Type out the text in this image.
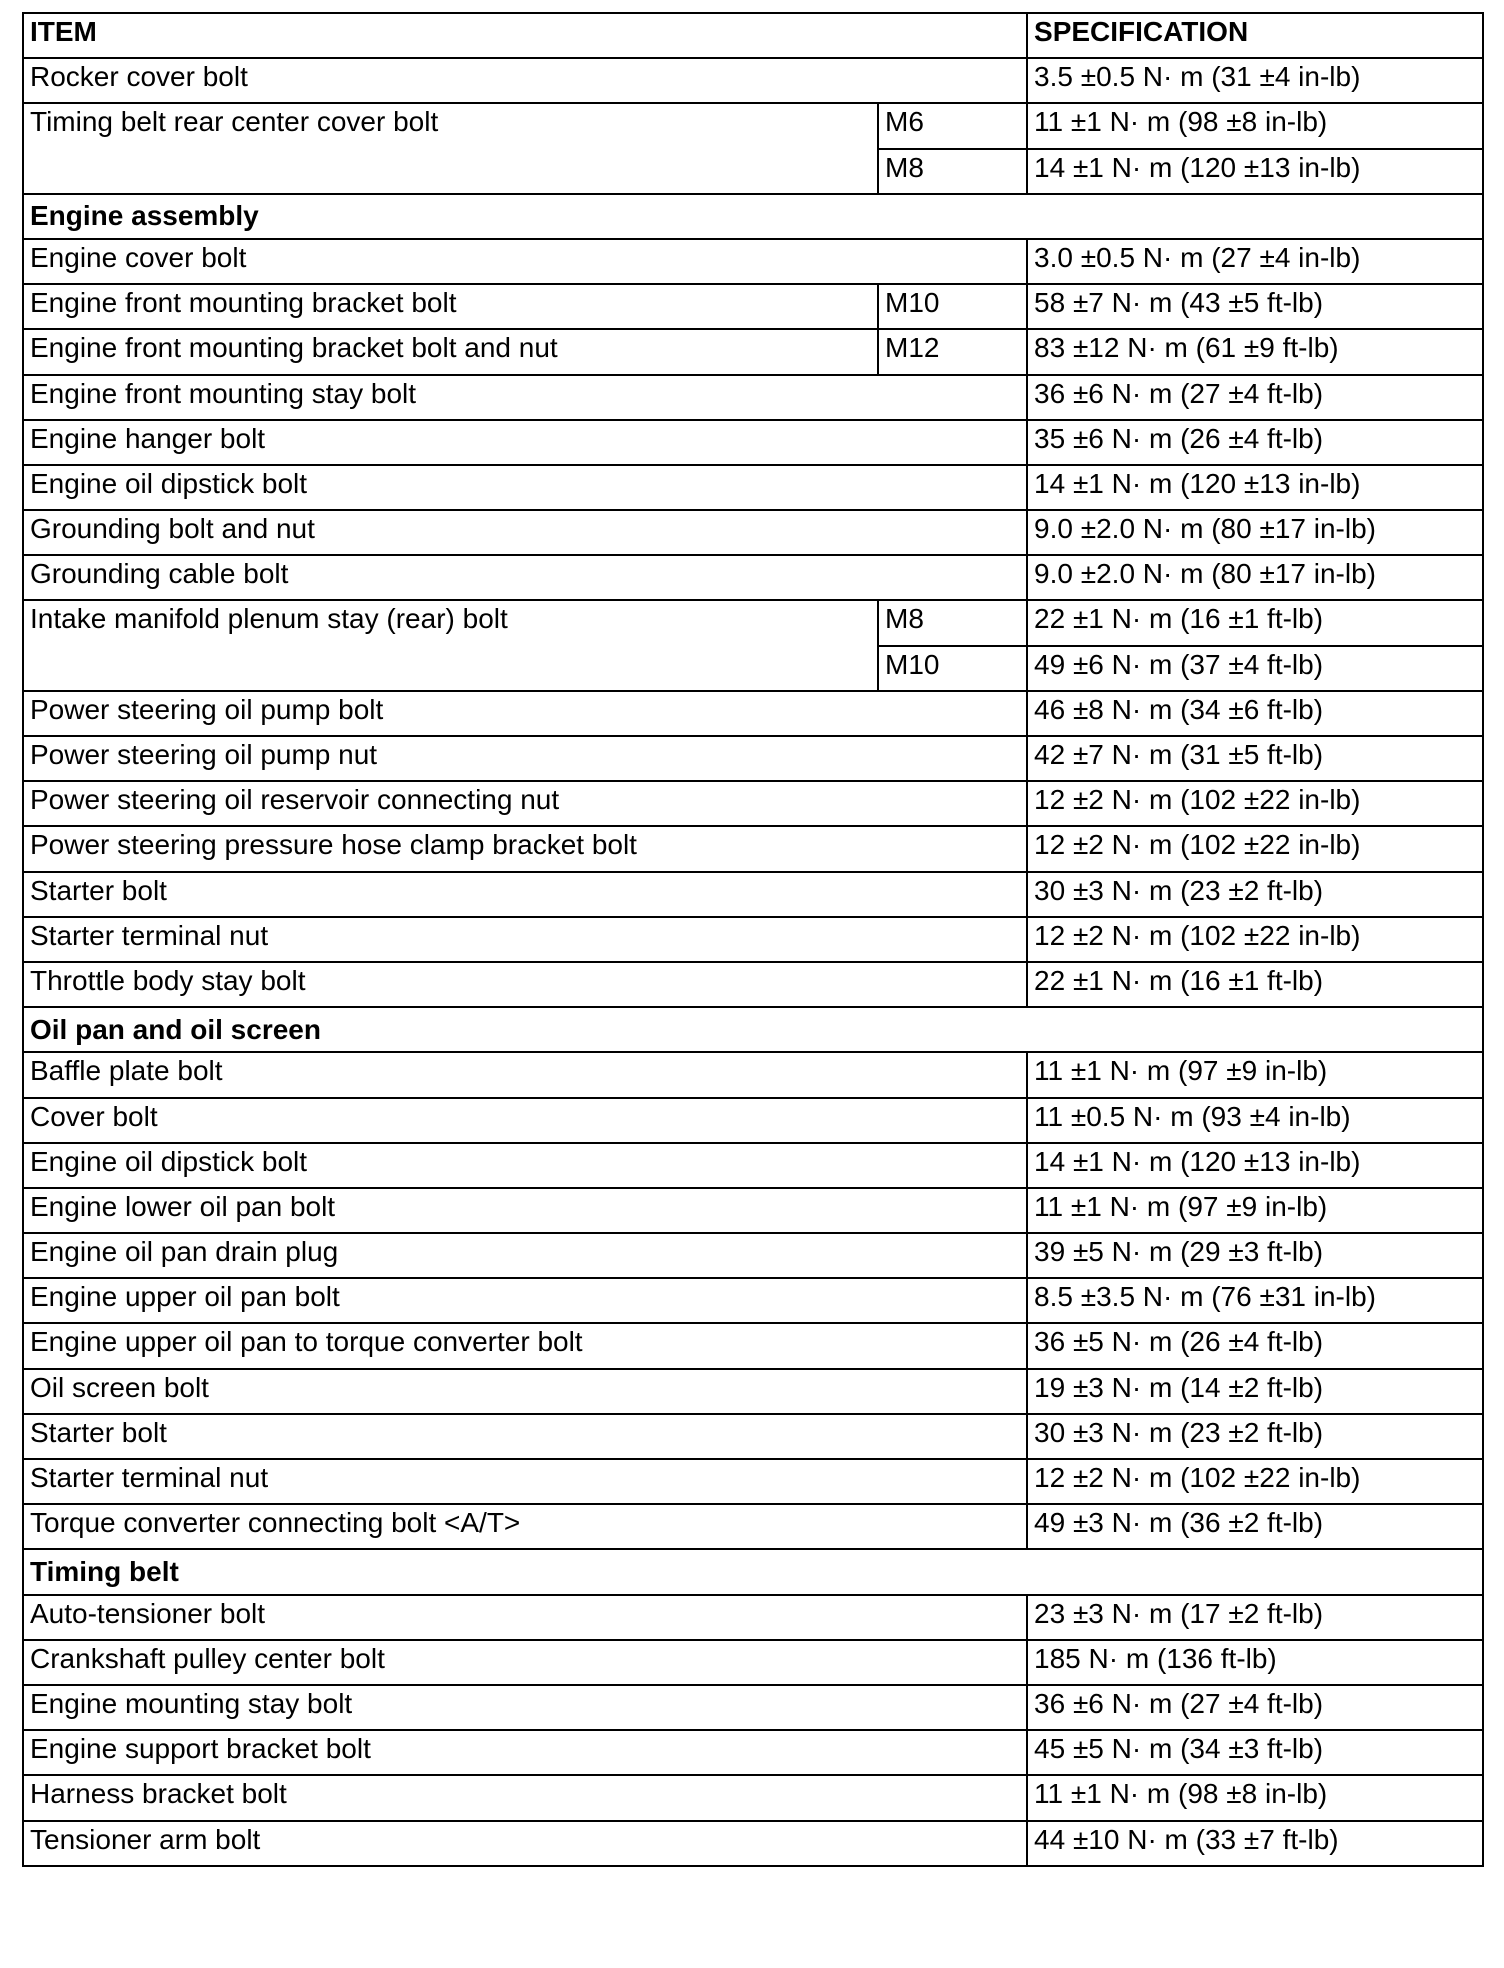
ITEM		SPECIFICATION
Rocker cover bolt		3.5 ±0.5 N· m (31 ±4 in-lb)
Timing belt rear center cover bolt	M6	11 ±1 N· m (98 ±8 in-lb)
	M8	14 ±1 N· m (120 ±13 in-lb)
Engine assembly		
Engine cover bolt		3.0 ±0.5 N· m (27 ±4 in-lb)
Engine front mounting bracket bolt	M10	58 ±7 N· m (43 ±5 ft-lb)
Engine front mounting bracket bolt and nut	M12	83 ±12 N· m (61 ±9 ft-lb)
Engine front mounting stay bolt		36 ±6 N· m (27 ±4 ft-lb)
Engine hanger bolt		35 ±6 N· m (26 ±4 ft-lb)
Engine oil dipstick bolt		14 ±1 N· m (120 ±13 in-lb)
Grounding bolt and nut		9.0 ±2.0 N· m (80 ±17 in-lb)
Grounding cable bolt		9.0 ±2.0 N· m (80 ±17 in-lb)
Intake manifold plenum stay (rear) bolt	M8	22 ±1 N· m (16 ±1 ft-lb)
	M10	49 ±6 N· m (37 ±4 ft-lb)
Power steering oil pump bolt		46 ±8 N· m (34 ±6 ft-lb)
Power steering oil pump nut		42 ±7 N· m (31 ±5 ft-lb)
Power steering oil reservoir connecting nut		12 ±2 N· m (102 ±22 in-lb)
Power steering pressure hose clamp bracket bolt		12 ±2 N· m (102 ±22 in-lb)
Starter bolt		30 ±3 N· m (23 ±2 ft-lb)
Starter terminal nut		12 ±2 N· m (102 ±22 in-lb)
Throttle body stay bolt		22 ±1 N· m (16 ±1 ft-lb)
Oil pan and oil screen		
Baffle plate bolt		11 ±1 N· m (97 ±9 in-lb)
Cover bolt		11 ±0.5 N· m (93 ±4 in-lb)
Engine oil dipstick bolt		14 ±1 N· m (120 ±13 in-lb)
Engine lower oil pan bolt		11 ±1 N· m (97 ±9 in-lb)
Engine oil pan drain plug		39 ±5 N· m (29 ±3 ft-lb)
Engine upper oil pan bolt		8.5 ±3.5 N· m (76 ±31 in-lb)
Engine upper oil pan to torque converter bolt		36 ±5 N· m (26 ±4 ft-lb)
Oil screen bolt		19 ±3 N· m (14 ±2 ft-lb)
Starter bolt		30 ±3 N· m (23 ±2 ft-lb)
Starter terminal nut		12 ±2 N· m (102 ±22 in-lb)
Torque converter connecting bolt <A/T>		49 ±3 N· m (36 ±2 ft-lb)
Timing belt		
Auto-tensioner bolt		23 ±3 N· m (17 ±2 ft-lb)
Crankshaft pulley center bolt		185 N· m (136 ft-lb)
Engine mounting stay bolt		36 ±6 N· m (27 ±4 ft-lb)
Engine support bracket bolt		45 ±5 N· m (34 ±3 ft-lb)
Harness bracket bolt		11 ±1 N· m (98 ±8 in-lb)
Tensioner arm bolt		44 ±10 N· m (33 ±7 ft-lb)
